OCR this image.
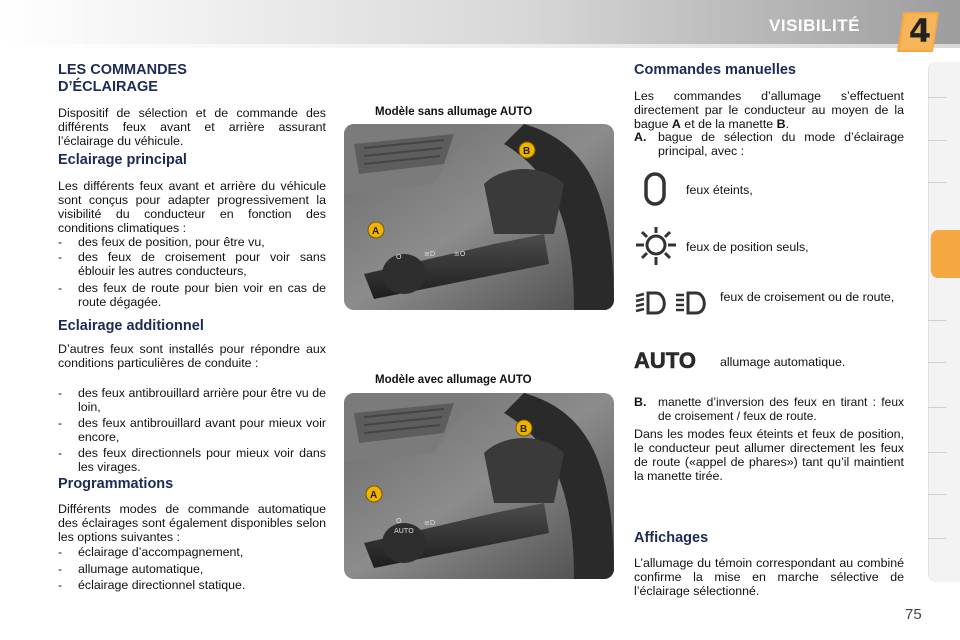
VISIBILITÉ	4
LES COMMANDES
D’ÉCLAIRAGE
Dispositif de sélection et de commande des différents feux avant et arrière assurant l’éclairage du véhicule.
Eclairage principal
Les différents feux avant et arrière du véhicule sont conçus pour adapter progressivement la visibilité du conducteur en fonction des conditions climatiques :
- des feux de position, pour être vu,
- des feux de croisement pour voir sans éblouir les autres conducteurs,
- des feux de route pour bien voir en cas de route dégagée.
Eclairage additionnel
D’autres feux sont installés pour répondre aux conditions particulières de conduite :
- des feux antibrouillard arrière pour être vu de loin,
- des feux antibrouillard avant pour mieux voir encore,
- des feux directionnels pour mieux voir dans les virages.
Programmations
Différents modes de commande automatique des éclairages sont également disponibles selon les options suivantes :
- éclairage d’accompagnement,
- allumage automatique,
- éclairage directionnel statique.
Modèle sans allumage AUTO
O	≡D	≡O
A
B
Modèle avec allumage AUTO
O
AUTO
≡D
A
B
Commandes manuelles
Les commandes d’allumage s’effectuent directement par le conducteur au moyen de la bague A et de la manette B.
A. bague de sélection du mode d’éclairage principal, avec :
feux éteints,
feux de position seuls,
feux de croisement ou de route,
AUTO allumage automatique.
B. manette d’inversion des feux en tirant : feux de croisement / feux de route.
Dans les modes feux éteints et feux de position, le conducteur peut allumer directement les feux de route («appel de phares») tant qu’il maintient la manette tirée.
Affichages
L’allumage du témoin correspondant au combiné confirme la mise en marche sélective de l’éclairage sélectionné.
75
